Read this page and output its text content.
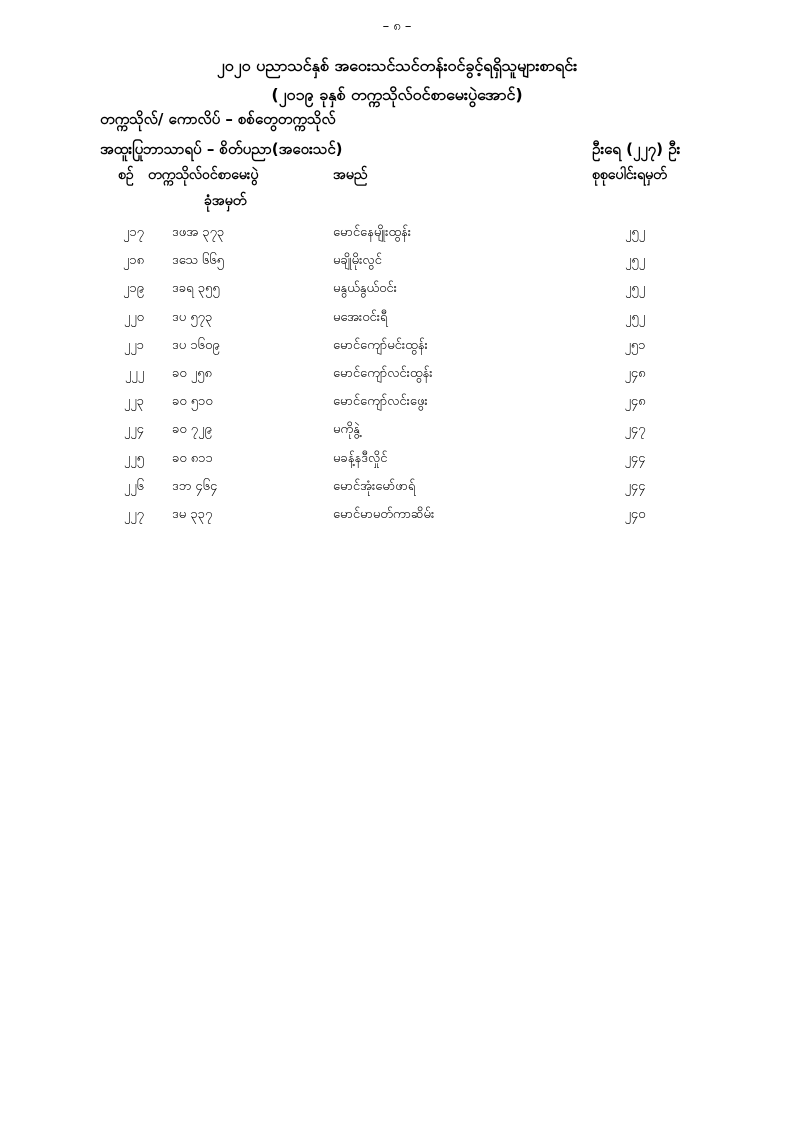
– ၈ –
၂၀၂၀ ပညာသင်နှစ် အဝေးသင်သင်တန်းဝင်ခွင့်ရရှိသူများစာရင်း
(၂၀၁၉ ခုနှစ် တက္ကသိုလ်ဝင်စာမေးပွဲအောင်)
တက္ကသိုလ်/ ကောလိပ် – စစ်တွေတက္ကသိုလ်
အထူးပြုဘာသာရပ် – စိတ်ပညာ(အဝေးသင်)	ဦးရေ (၂၂၇) ဦး
စဉ် တက္ကသိုလ်ဝင်စာမေးပွဲ
ခုံအမှတ်
အမည်	စုစုပေါင်းရမှတ်
၂၁၇ ဒဖအ ၃၇၃	မောင်နေမျိုးထွန်း	၂၅၂
၂၁၈ ဒသေ ၆၆၅	မချိုမိုးလွင်	၂၅၂
၂၁၉ ဒခရ ၃၅၅	မနွယ်နွယ်ဝင်း	၂၅၂
၂၂၀ ဒပ ၅၇၃	မအေးဝင်းရီ	၂၅၂
၂၂၁ ဒပ ၁၆၀၉	မောင်ကျော်မင်းထွန်း	၂၅၁
၂၂၂ ခဝ ၂၅၈	မောင်ကျော်လင်းထွန်း	၂၄၈
၂၂၃ ခဝ ၅၁၀	မောင်ကျော်လင်းဖွေး	၂၄၈
၂၂၄ ခဝ ၇၂၉	မကိုနွဲ့	၂၄၇
၂၂၅ ခဝ ၈၁၁	မခန့်နဒီလှိုင်	၂၄၄
၂၂၆ ဒဘ ၄၆၄	မောင်အုံးမော်ဖာရ်	၂၄၄
၂၂၇ ဒမ ၃၃၇	မောင်မာမတ်ကာဆိမ်း	၂၄၀
